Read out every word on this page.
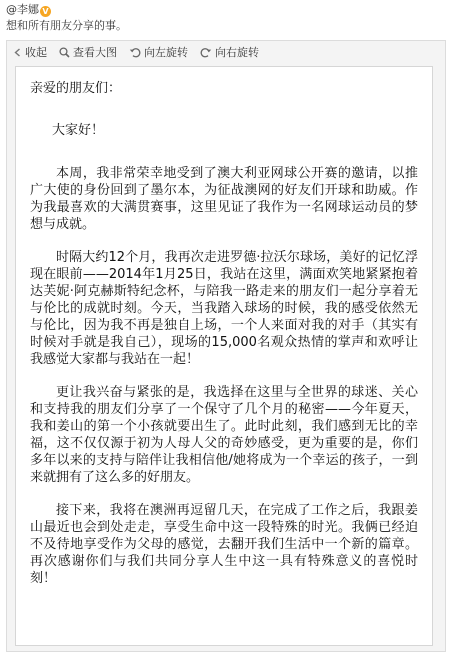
@李娜 V
想和所有朋友分享的事。
收起 查看大图 向左旋转 向右旋转

亲爱的朋友们：

大家好！

本周，我非常荣幸地受到了澳大利亚网球公开赛的邀请，以推广大使的身份回到了墨尔本，为征战澳网的好友们开球和助威。作为我最喜欢的大满贯赛事，这里见证了我作为一名网球运动员的梦想与成就。

时隔大约12个月，我再次走进罗德·拉沃尔球场，美好的记忆浮现在眼前——2014年1月25日，我站在这里，满面欢笑地紧紧抱着达芙妮·阿克赫斯特纪念杯，与陪我一路走来的朋友们一起分享着无与伦比的成就时刻。今天，当我踏入球场的时候，我的感受依然无与伦比，因为我不再是独自上场，一个人来面对我的对手（其实有时候对手就是我自己），现场的15,000名观众热情的掌声和欢呼让我感觉大家都与我站在一起！

更让我兴奋与紧张的是，我选择在这里与全世界的球迷、关心和支持我的朋友们分享了一个保守了几个月的秘密——今年夏天，我和姜山的第一个小孩就要出生了。此时此刻，我们感到无比的幸福，这不仅仅源于初为人母人父的奇妙感受，更为重要的是，你们多年以来的支持与陪伴让我相信他/她将成为一个幸运的孩子，一到来就拥有了这么多的好朋友。

接下来，我将在澳洲再逗留几天，在完成了工作之后，我跟姜山最近也会到处走走，享受生命中这一段特殊的时光。我俩已经迫不及待地享受作为父母的感觉，去翻开我们生活中一个新的篇章。再次感谢你们与我们共同分享人生中这一具有特殊意义的喜悦时刻！
